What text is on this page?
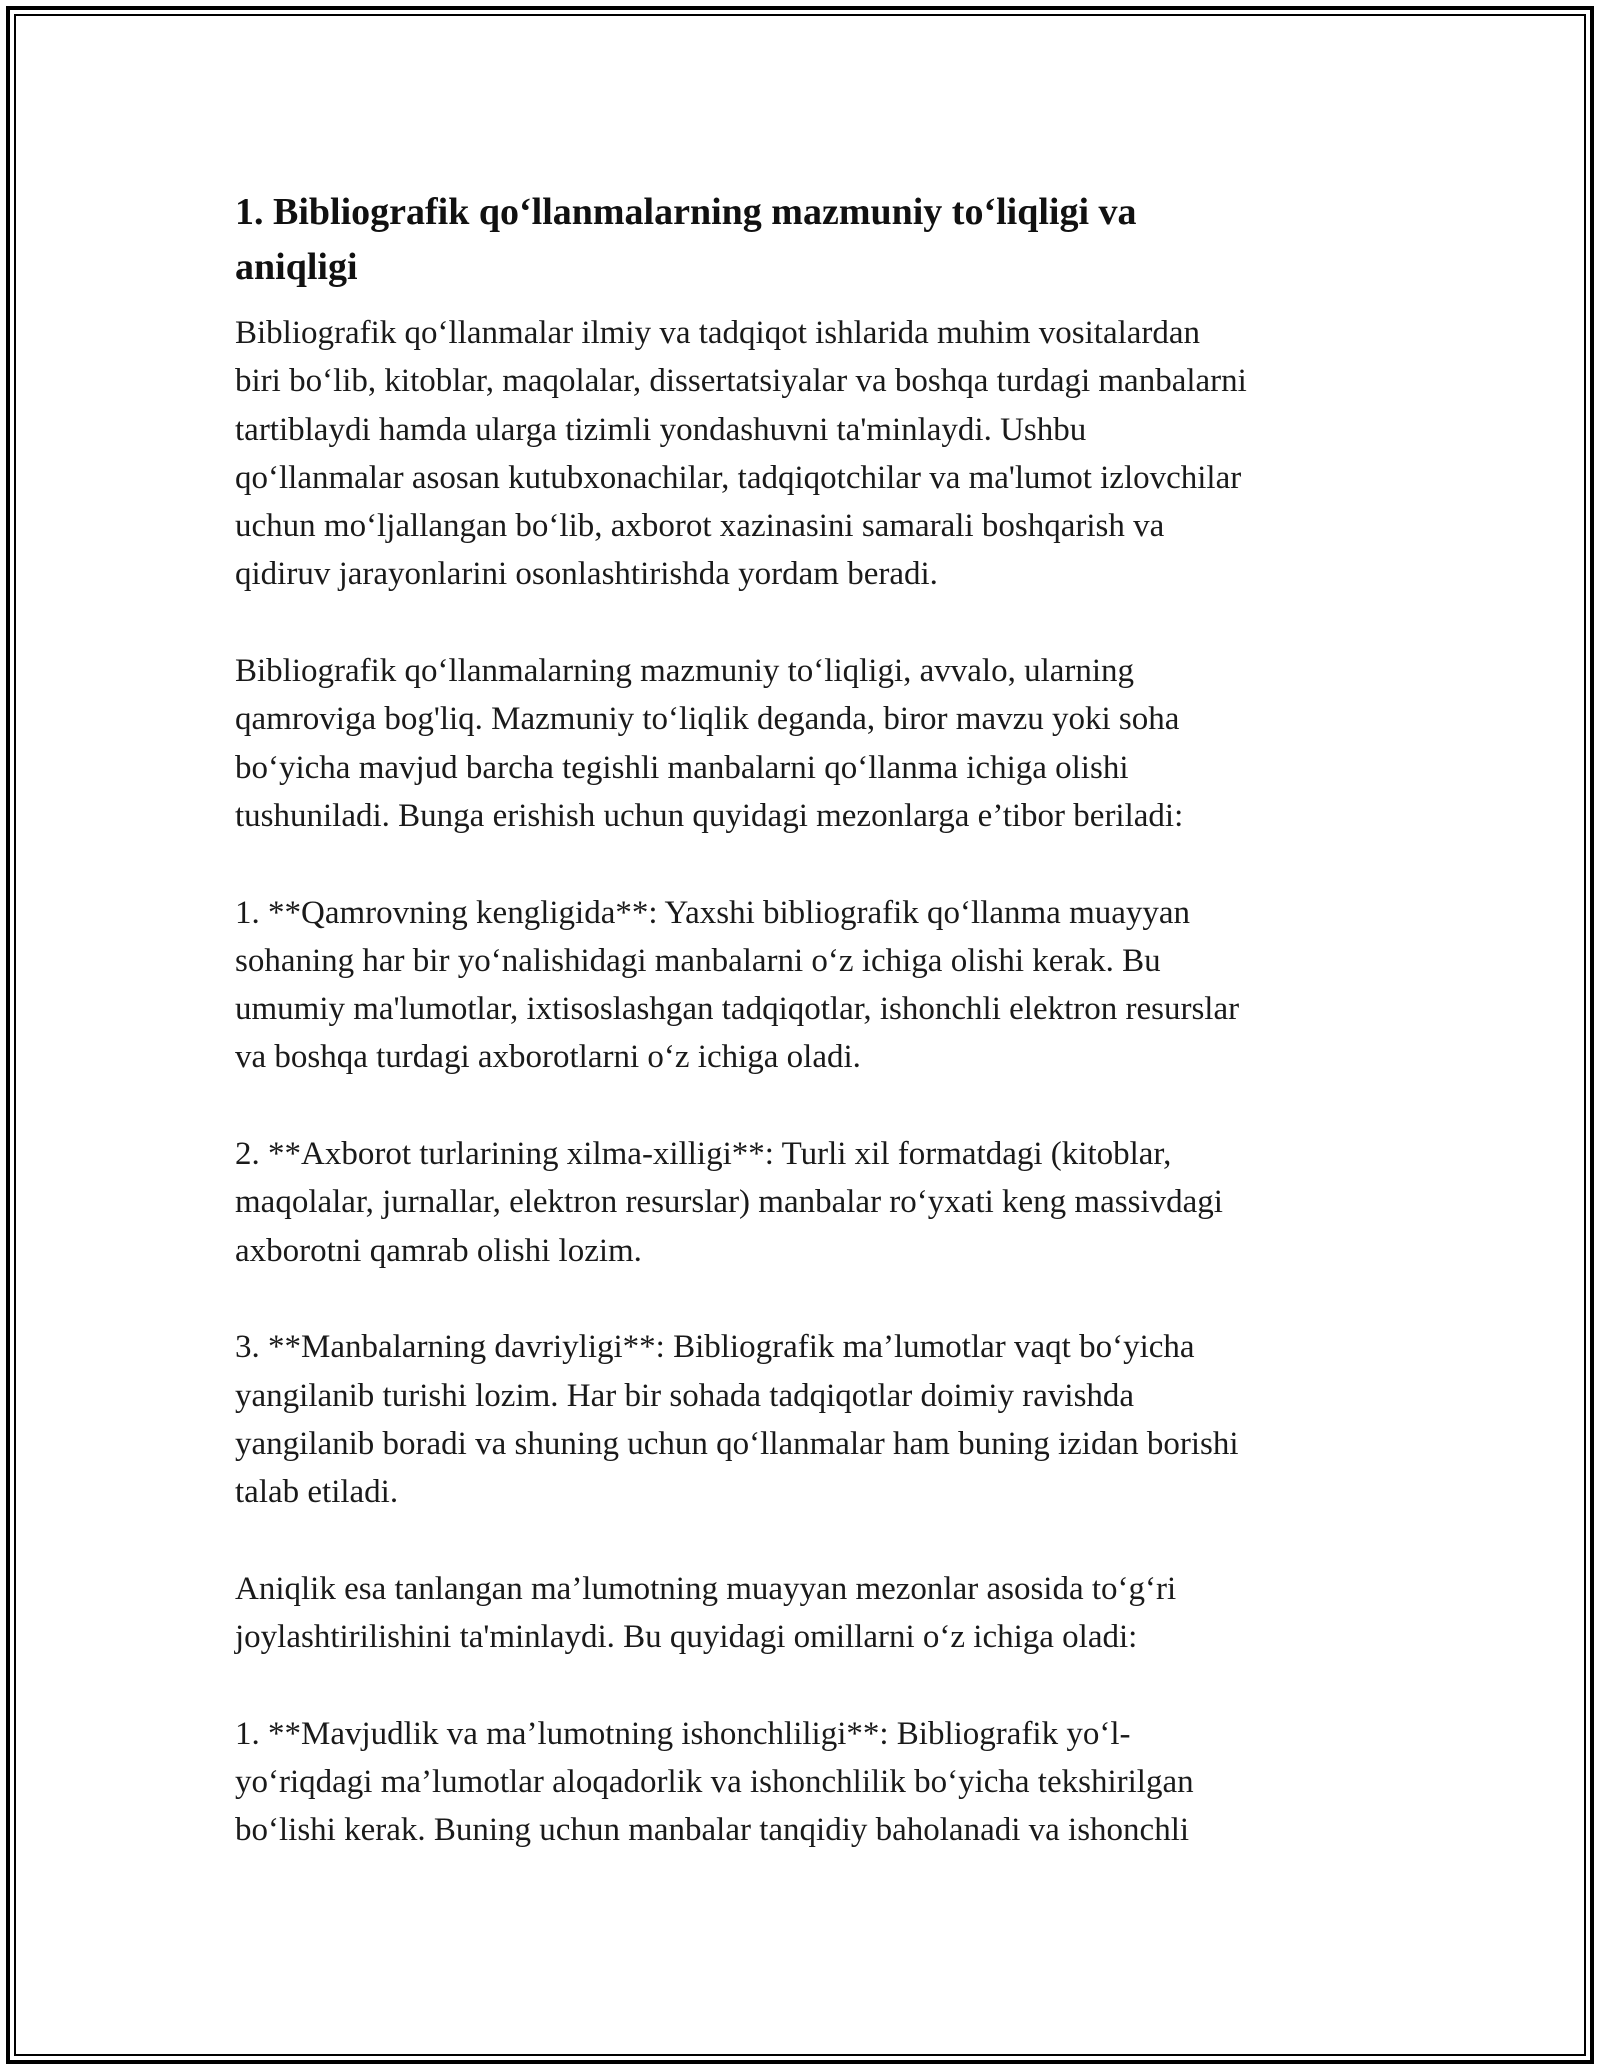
1. Bibliografik qo‘llanmalarning mazmuniy to‘liqligi va
aniqligi

Bibliografik qo‘llanmalar ilmiy va tadqiqot ishlarida muhim vositalardan
biri bo‘lib, kitoblar, maqolalar, dissertatsiyalar va boshqa turdagi manbalarni
tartiblaydi hamda ularga tizimli yondashuvni ta'minlaydi. Ushbu
qo‘llanmalar asosan kutubxonachilar, tadqiqotchilar va ma'lumot izlovchilar
uchun mo‘ljallangan bo‘lib, axborot xazinasini samarali boshqarish va
qidiruv jarayonlarini osonlashtirishda yordam beradi.

Bibliografik qo‘llanmalarning mazmuniy to‘liqligi, avvalo, ularning
qamroviga bog'liq. Mazmuniy to‘liqlik deganda, biror mavzu yoki soha
bo‘yicha mavjud barcha tegishli manbalarni qo‘llanma ichiga olishi
tushuniladi. Bunga erishish uchun quyidagi mezonlarga e’tibor beriladi:

1. **Qamrovning kengligida**: Yaxshi bibliografik qo‘llanma muayyan
sohaning har bir yo‘nalishidagi manbalarni o‘z ichiga olishi kerak. Bu
umumiy ma'lumotlar, ixtisoslashgan tadqiqotlar, ishonchli elektron resurslar
va boshqa turdagi axborotlarni o‘z ichiga oladi.

2. **Axborot turlarining xilma-xilligi**: Turli xil formatdagi (kitoblar,
maqolalar, jurnallar, elektron resurslar) manbalar ro‘yxati keng massivdagi
axborotni qamrab olishi lozim.

3. **Manbalarning davriyligi**: Bibliografik ma’lumotlar vaqt bo‘yicha
yangilanib turishi lozim. Har bir sohada tadqiqotlar doimiy ravishda
yangilanib boradi va shuning uchun qo‘llanmalar ham buning izidan borishi
talab etiladi.

Aniqlik esa tanlangan ma’lumotning muayyan mezonlar asosida to‘g‘ri
joylashtirilishini ta'minlaydi. Bu quyidagi omillarni o‘z ichiga oladi:

1. **Mavjudlik va ma’lumotning ishonchliligi**: Bibliografik yo‘l-
yo‘riqdagi ma’lumotlar aloqadorlik va ishonchlilik bo‘yicha tekshirilgan
bo‘lishi kerak. Buning uchun manbalar tanqidiy baholanadi va ishonchli
